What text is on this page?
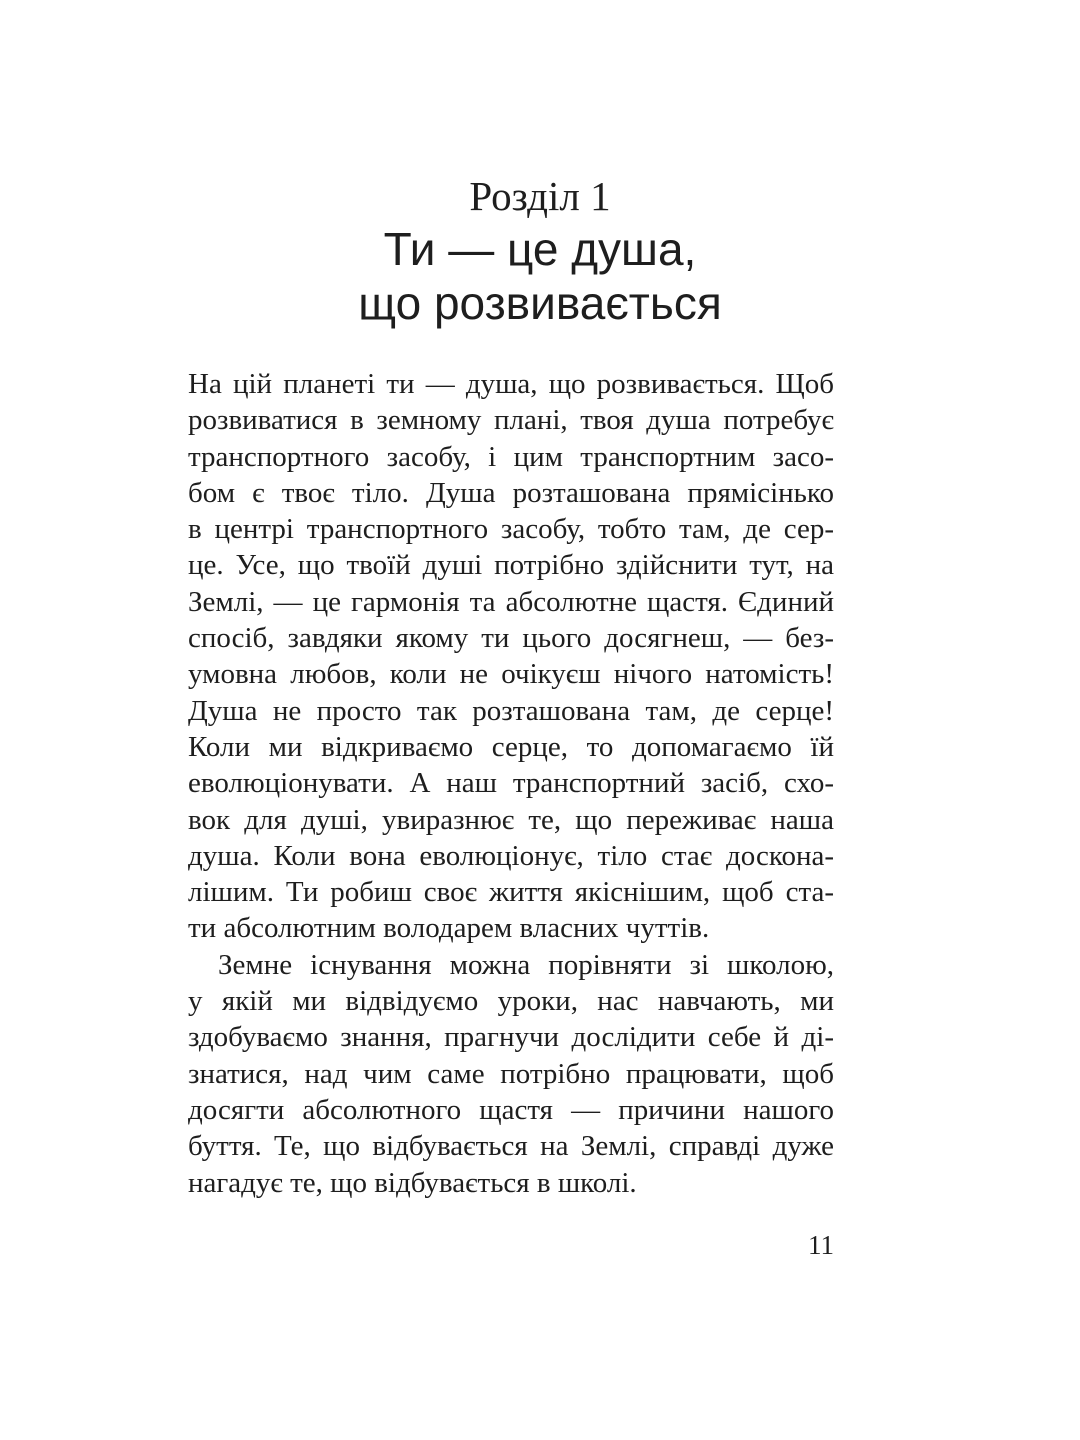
Розділ 1
Ти — це душа,
що розвивається
На цій планеті ти — душа, що розвивається. Щоб
розвиватися в земному плані, твоя душа потребує
транспортного засобу, і цим транспортним засо-
бом є твоє тіло. Душа розташована прямісінько
в центрі транспортного засобу, тобто там, де сер-
це. Усе, що твоїй душі потрібно здійснити тут, на
Землі, — це гармонія та абсолютне щастя. Єдиний
спосіб, завдяки якому ти цього досягнеш, — без-
умовна любов, коли не очікуєш нічого натомість!
Душа не просто так розташована там, де серце!
Коли ми відкриваємо серце, то допомагаємо їй
еволюціонувати. А наш транспортний засіб, схо-
вок для душі, увиразнює те, що переживає наша
душа. Коли вона еволюціонує, тіло стає доскона-
лішим. Ти робиш своє життя якіснішим, щоб ста-
ти абсолютним володарем власних чуттів.
Земне існування можна порівняти зі школою,
у якій ми відвідуємо уроки, нас навчають, ми
здобуваємо знання, прагнучи дослідити себе й ді-
знатися, над чим саме потрібно працювати, щоб
досягти абсолютного щастя — причини нашого
буття. Те, що відбувається на Землі, справді дуже
нагадує те, що відбувається в школі.
11
